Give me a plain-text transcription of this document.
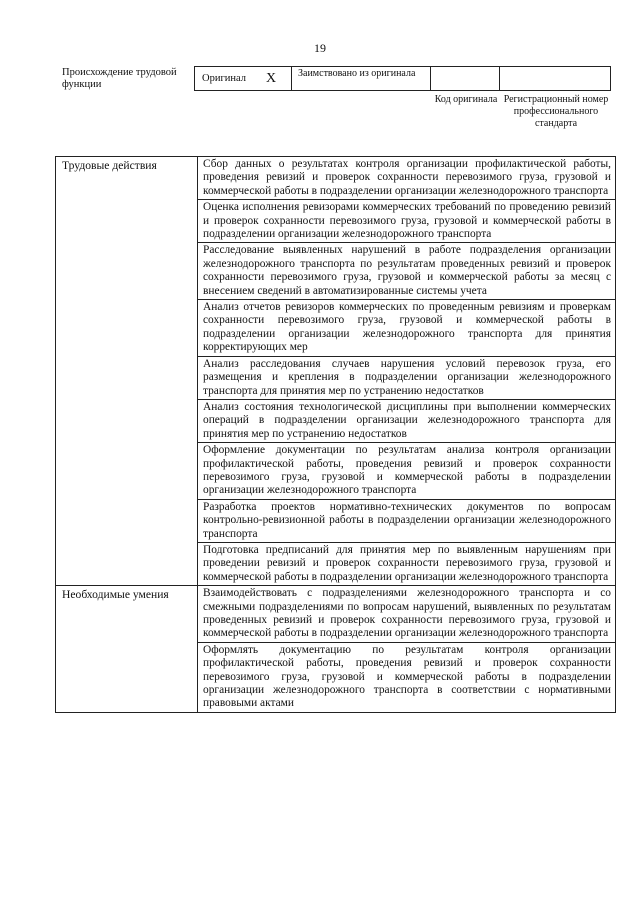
19
Происхождение трудовой функции
Оригинал X	Заимствовано из оригинала
Код оригинала Регистрационный номер профессионального стандарта
Трудовые действия	Сбор данных о результатах контроля организации профилактической работы, проведения ревизий и проверок сохранности перевозимого груза, грузовой и коммерческой работы в подразделении организации железнодорожного транспорта
	Оценка исполнения ревизорами коммерческих требований по проведению ревизий и проверок сохранности перевозимого груза, грузовой и коммерческой работы в подразделении организации железнодорожного транспорта
	Расследование выявленных нарушений в работе подразделения организации железнодорожного транспорта по результатам проведенных ревизий и проверок сохранности перевозимого груза, грузовой и коммерческой работы за месяц с внесением сведений в автоматизированные системы учета
	Анализ отчетов ревизоров коммерческих по проведенным ревизиям и проверкам сохранности перевозимого груза, грузовой и коммерческой работы в подразделении организации железнодорожного транспорта для принятия корректирующих мер
	Анализ расследования случаев нарушения условий перевозок груза, его размещения и крепления в подразделении организации железнодорожного транспорта для принятия мер по устранению недостатков
	Анализ состояния технологической дисциплины при выполнении коммерческих операций в подразделении организации железнодорожного транспорта для принятия мер по устранению недостатков
	Оформление документации по результатам анализа контроля организации профилактической работы, проведения ревизий и проверок сохранности перевозимого груза, грузовой и коммерческой работы в подразделении организации железнодорожного транспорта
	Разработка проектов нормативно-технических документов по вопросам контрольно-ревизионной работы в подразделении организации железнодорожного транспорта
	Подготовка предписаний для принятия мер по выявленным нарушениям при проведении ревизий и проверок сохранности перевозимого груза, грузовой и коммерческой работы в подразделении организации железнодорожного транспорта
Необходимые умения	Взаимодействовать с подразделениями железнодорожного транспорта и со смежными подразделениями по вопросам нарушений, выявленных по результатам проведенных ревизий и проверок сохранности перевозимого груза, грузовой и коммерческой работы в подразделении организации железнодорожного транспорта
	Оформлять документацию по результатам контроля организации профилактической работы, проведения ревизий и проверок сохранности перевозимого груза, грузовой и коммерческой работы в подразделении организации железнодорожного транспорта в соответствии с нормативными правовыми актами
